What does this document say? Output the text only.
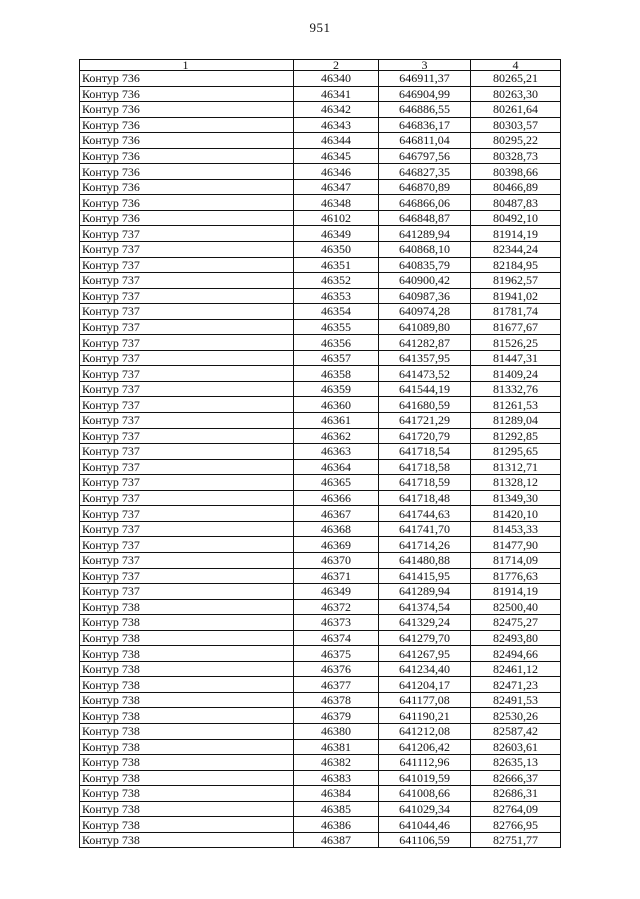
951
1	2	3	4
Контур 736	46340	646911,37	80265,21
Контур 736	46341	646904,99	80263,30
Контур 736	46342	646886,55	80261,64
Контур 736	46343	646836,17	80303,57
Контур 736	46344	646811,04	80295,22
Контур 736	46345	646797,56	80328,73
Контур 736	46346	646827,35	80398,66
Контур 736	46347	646870,89	80466,89
Контур 736	46348	646866,06	80487,83
Контур 736	46102	646848,87	80492,10
Контур 737	46349	641289,94	81914,19
Контур 737	46350	640868,10	82344,24
Контур 737	46351	640835,79	82184,95
Контур 737	46352	640900,42	81962,57
Контур 737	46353	640987,36	81941,02
Контур 737	46354	640974,28	81781,74
Контур 737	46355	641089,80	81677,67
Контур 737	46356	641282,87	81526,25
Контур 737	46357	641357,95	81447,31
Контур 737	46358	641473,52	81409,24
Контур 737	46359	641544,19	81332,76
Контур 737	46360	641680,59	81261,53
Контур 737	46361	641721,29	81289,04
Контур 737	46362	641720,79	81292,85
Контур 737	46363	641718,54	81295,65
Контур 737	46364	641718,58	81312,71
Контур 737	46365	641718,59	81328,12
Контур 737	46366	641718,48	81349,30
Контур 737	46367	641744,63	81420,10
Контур 737	46368	641741,70	81453,33
Контур 737	46369	641714,26	81477,90
Контур 737	46370	641480,88	81714,09
Контур 737	46371	641415,95	81776,63
Контур 737	46349	641289,94	81914,19
Контур 738	46372	641374,54	82500,40
Контур 738	46373	641329,24	82475,27
Контур 738	46374	641279,70	82493,80
Контур 738	46375	641267,95	82494,66
Контур 738	46376	641234,40	82461,12
Контур 738	46377	641204,17	82471,23
Контур 738	46378	641177,08	82491,53
Контур 738	46379	641190,21	82530,26
Контур 738	46380	641212,08	82587,42
Контур 738	46381	641206,42	82603,61
Контур 738	46382	641112,96	82635,13
Контур 738	46383	641019,59	82666,37
Контур 738	46384	641008,66	82686,31
Контур 738	46385	641029,34	82764,09
Контур 738	46386	641044,46	82766,95
Контур 738	46387	641106,59	82751,77
